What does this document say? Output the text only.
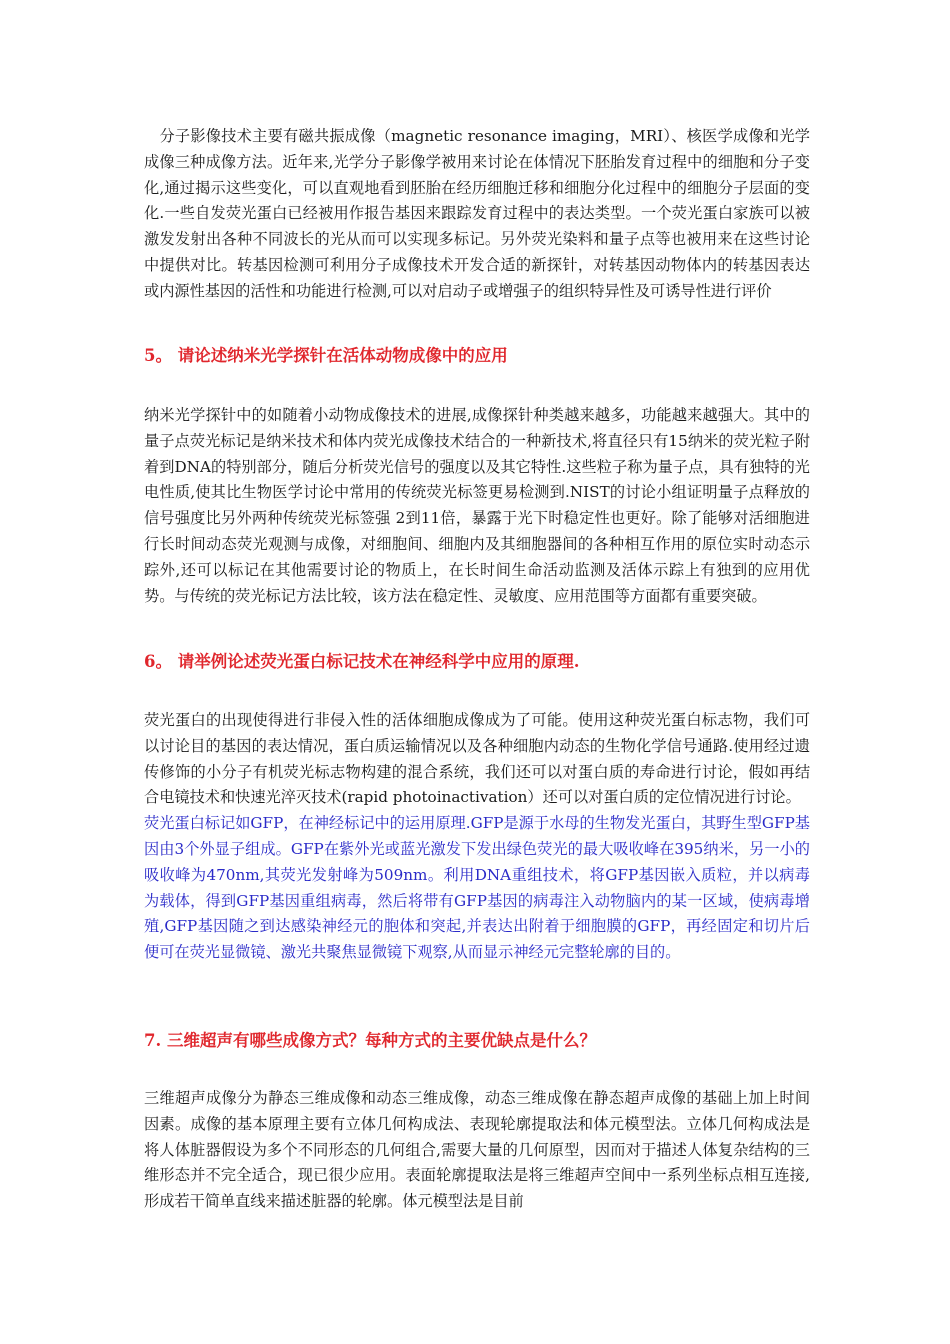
　分子影像技术主要有磁共振成像（magnetic resonance imaging，MRI）、核医学成像和光学成像三种成像方法。近年来,光学分子影像学被用来讨论在体情况下胚胎发育过程中的细胞和分子变化,通过揭示这些变化，可以直观地看到胚胎在经历细胞迁移和细胞分化过程中的细胞分子层面的变化.一些自发荧光蛋白已经被用作报告基因来跟踪发育过程中的表达类型。一个荧光蛋白家族可以被激发发射出各种不同波长的光从而可以实现多标记。另外荧光染料和量子点等也被用来在这些讨论中提供对比。转基因检测可利用分子成像技术开发合适的新探针，对转基因动物体内的转基因表达或内源性基因的活性和功能进行检测,可以对启动子或增强子的组织特异性及可诱导性进行评价

5。 请论述纳米光学探针在活体动物成像中的应用

纳米光学探针中的如随着小动物成像技术的进展,成像探针种类越来越多，功能越来越强大。其中的量子点荧光标记是纳米技术和体内荧光成像技术结合的一种新技术,将直径只有15纳米的荧光粒子附着到DNA的特别部分，随后分析荧光信号的强度以及其它特性.这些粒子称为量子点，具有独特的光电性质,使其比生物医学讨论中常用的传统荧光标签更易检测到.NIST的讨论小组证明量子点释放的信号强度比另外两种传统荧光标签强 2到11倍，暴露于光下时稳定性也更好。除了能够对活细胞进行长时间动态荧光观测与成像，对细胞间、细胞内及其细胞器间的各种相互作用的原位实时动态示踪外,还可以标记在其他需要讨论的物质上，在长时间生命活动监测及活体示踪上有独到的应用优势。与传统的荧光标记方法比较，该方法在稳定性、灵敏度、应用范围等方面都有重要突破。

6。 请举例论述荧光蛋白标记技术在神经科学中应用的原理.

荧光蛋白的出现使得进行非侵入性的活体细胞成像成为了可能。使用这种荧光蛋白标志物，我们可以讨论目的基因的表达情况，蛋白质运输情况以及各种细胞内动态的生物化学信号通路.使用经过遗传修饰的小分子有机荧光标志物构建的混合系统，我们还可以对蛋白质的寿命进行讨论，假如再结合电镜技术和快速光淬灭技术(rapid photoinactivation）还可以对蛋白质的定位情况进行讨论。

荧光蛋白标记如GFP，在神经标记中的运用原理.GFP是源于水母的生物发光蛋白，其野生型GFP基因由3个外显子组成。GFP在紫外光或蓝光激发下发出绿色荧光的最大吸收峰在395纳米，另一小的吸收峰为470nm,其荧光发射峰为509nm。利用DNA重组技术，将GFP基因嵌入质粒，并以病毒为载体，得到GFP基因重组病毒，然后将带有GFP基因的病毒注入动物脑内的某一区域，使病毒增殖,GFP基因随之到达感染神经元的胞体和突起,并表达出附着于细胞膜的GFP，再经固定和切片后便可在荧光显微镜、激光共聚焦显微镜下观察,从而显示神经元完整轮廓的目的。

7. 三维超声有哪些成像方式？每种方式的主要优缺点是什么？

三维超声成像分为静态三维成像和动态三维成像，动态三维成像在静态超声成像的基础上加上时间因素。成像的基本原理主要有立体几何构成法、表现轮廓提取法和体元模型法。立体几何构成法是将人体脏器假设为多个不同形态的几何组合,需要大量的几何原型，因而对于描述人体复杂结构的三维形态并不完全适合，现已很少应用。表面轮廓提取法是将三维超声空间中一系列坐标点相互连接,形成若干简单直线来描述脏器的轮廓。体元模型法是目前
